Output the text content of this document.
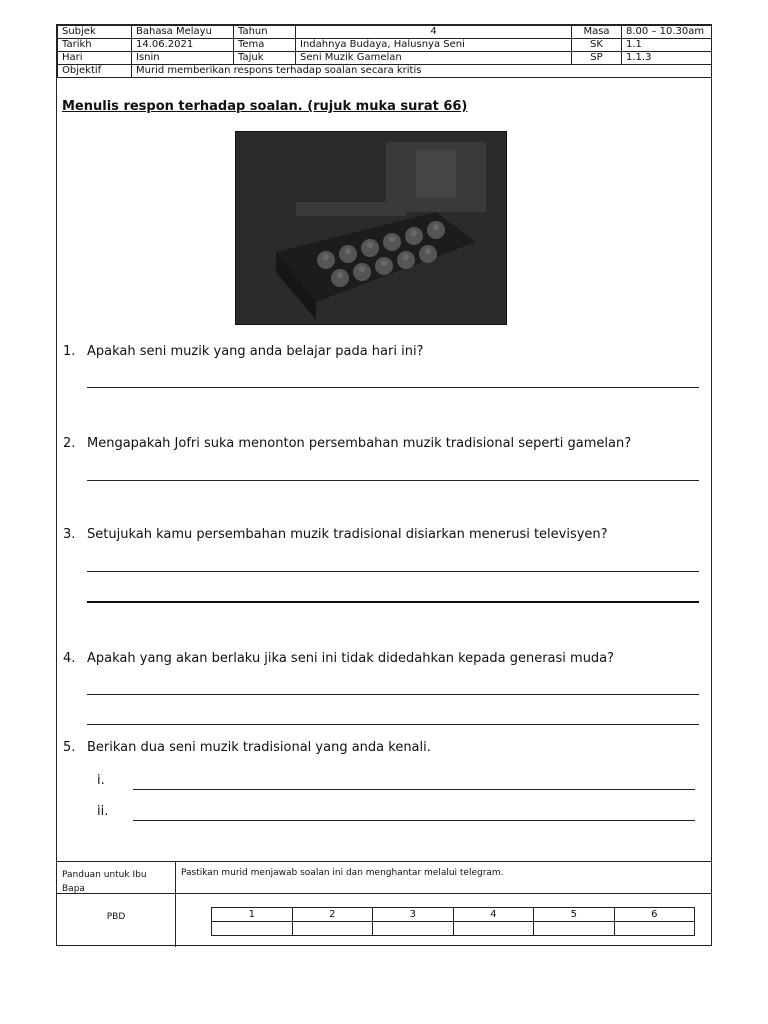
Subjek	Bahasa Melayu	Tahun	4	Masa	8.00 – 10.30am
Tarikh	14.06.2021	Tema	Indahnya Budaya, Halusnya Seni	SK	1.1
Hari	Isnin	Tajuk	Seni Muzik Gamelan	SP	1.1.3
Objektif	Murid memberikan respons terhadap soalan secara kritis				
Menulis respon terhadap soalan. (rujuk muka surat 66)
1. Apakah seni muzik yang anda belajar pada hari ini?
2. Mengapakah Jofri suka menonton persembahan muzik tradisional seperti gamelan?
3. Setujukah kamu persembahan muzik tradisional disiarkan menerusi televisyen?
4. Apakah yang akan berlaku jika seni ini tidak didedahkan kepada generasi muda?
5. Berikan dua seni muzik tradisional yang anda kenali.
i.
ii.
Panduan untuk Ibu Bapa
Pastikan murid menjawab soalan ini dan menghantar melalui telegram.
PBD	1	2	3	4	5	6
